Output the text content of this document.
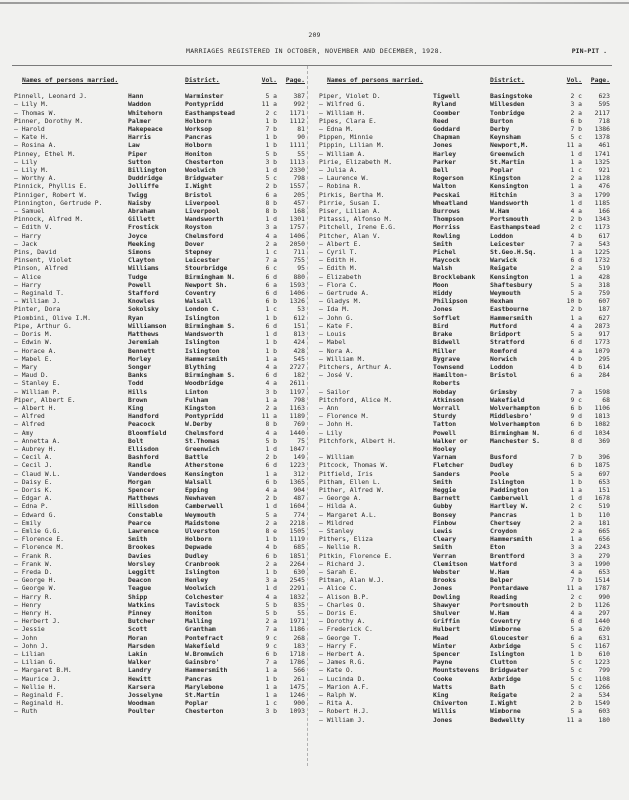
209
MARRIAGES REGISTERED IN OCTOBER, NOVEMBER AND DECEMBER, 1928.	PIN-PIT .
Names of persons married.	District.	Vol.	Page.
Pinnell, Leonard J.	Hann	Warminster	5 a	387
— Lily M.	Waddon	Pontypridd	11 a	992
— Thomas W.	Whitehorn	Easthampstead	2 c	1171
Pinner, Dorothy M.	Palmer	Holborn	1 b	1112
— Harold	Makepeace	Worksop	7 b	81
— Kate H.	Harris	Pancras	1 b	90
— Rosina A.	Law	Holborn	1 b	1111
Pinney, Ethel M.	Piper	Honiton	5 b	55
— Lily	Sutton	Chesterton	3 b	1113
— Lily M.	Billington	Woolwich	1 d	2330
— Worthy A.	Duddridge	Bridgwater	5 c	798
Pinnick, Phyllis E.	Jolliffe	I.Wight	2 b	1557
Pinniger, Robert W.	Twigg	Bristol	6 a	205
Pinnington, Gertrude P.	Naisby	Liverpool	8 b	457
— Samuel	Abraham	Liverpool	8 b	168
Pinnock, Alfred M.	Gillett	Wandsworth	1 d	1301
— Edith V.	Frostick	Royston	3 a	1757
— Harry	Joyce	Chelmsford	4 a	1406
— Jack	Meeking	Dover	2 a	2050
Pins, David	Simons	Stepney	1 c	711
Pinsent, Violet	Clayton	Leicester	7 a	755
Pinson, Alfred	Williams	Stourbridge	6 c	95
— Alice	Tudge	Birmingham N.	6 d	880
— Harry	Powell	Newport Sh.	6 a	1593
— Reginald T.	Stafford	Coventry	6 d	1406
— William J.	Knowles	Walsall	6 b	1326
Pinter, Dora	Sokolsky	London C.	1 c	53
Piombini, Olive I.M.	Ryan	Islington	1 b	612
Pipe, Arthur G.	Williamson	Birmingham S.	6 d	151
— Doris M.	Matthews	Wandsworth	1 d	813
— Edwin W.	Jeremiah	Islington	1 b	424
— Horace A.	Bennett	Islington	1 b	428
— Mabel E.	Morley	Hammersmith	1 a	545
— Mary	Songer	Blything	4 a	2727
— Maud D.	Banks	Birmingham S.	6 d	182
— Stanley E.	Todd	Woodbridge	4 a	2611
— William P.	Hills	Linton	3 b	1197
Piper, Albert E.	Brown	Fulham	1 a	798
— Albert H.	King	Kingston	2 a	1163
— Alfred	Handford	Pontypridd	11 a	1189
— Alfred	Peacock	W.Derby	8 b	769
— Amy	Bloomfield	Chelmsford	4 a	1440
— Annetta A.	Bolt	St.Thomas	5 b	75
— Aubrey H.	Ellisdon	Greenwich	1 d	1047
— Cecil A.	Bashford	Battle	2 b	149
— Cecil J.	Randle	Atherstone	6 d	1223
— Claud W.L.	Vanderdoes	Kensington	1 a	312
— Daisy E.	Morgan	Walsall	6 b	1365
— Doris K.	Spencer	Epping	4 a	904
— Edgar A.	Matthews	Newhaven	2 b	487
— Edna P.	Hillsdon	Camberwell	1 d	1604
— Edward G.	Constable	Weymouth	5 a	774
— Emily	Pearce	Maidstone	2 a	2218
— Emlie G.G.	Lawrence	Ulverston	8 e	1505
— Florence E.	Smith	Holborn	1 b	1119
— Florence M.	Brookes	Depwade	4 b	685
— Frank R.	Davies	Dudley	6 b	1851
— Frank W.	Worsley	Cranbrook	2 a	2264
— Freda D.	Leggitt	Islington	1 b	630
— George H.	Deacon	Henley	3 a	2545
— George W.	Teague	Woolwich	1 d	2291
— Harry R.	Shipp	Colchester	4 a	1832
— Henry	Watkins	Tavistock	5 b	835
— Henry H.	Pinney	Honiton	5 b	55
— Herbert J.	Butcher	Malling	2 a	1971
— Jessie	Scott	Grantham	7 a	1186
— John	Moran	Pontefract	9 c	268
— John J.	Marsden	Wakefield	9 c	183
— Lilian	Lakin	W.Bromwich	6 b	1718
— Lilian G.	Walker	Gainsbro'	7 a	1786
— Margaret B.M.	Landry	Hammersmith	1 a	566
— Maurice J.	Hewitt	Pancras	1 b	261
— Nellie H.	Karsera	Marylebone	1 a	1475
— Reginald F.	Josselyne	St.Martin	1 a	1246
— Reginald H.	Woodman	Poplar	1 c	900
— Ruth	Poulter	Chesterton	3 b	1093
Names of persons married.	District.	Vol.	Page.
Piper, Violet D.	Tigwell	Basingstoke	2 c	623
— Wilfred G.	Ryland	Willesden	3 a	595
— William H.	Coomber	Tonbridge	2 a	2117
Pipes, Clara E.	Reed	Burton	6 b	718
— Edna M.	Goddard	Derby	7 b	1386
Pippen, Minnie	Chapman	Keynsham	5 c	1378
Pippin, Lilian M.	Jones	Newport,M.	11 a	461
— William A.	Harley	Greenwich	1 d	1741
Pirie, Elizabeth M.	Parker	St.Martin	1 a	1325
— Julia A.	Bell	Poplar	1 c	921
— Laurence W.	Rogerson	Kingston	2 a	1128
— Robina R.	Walton	Kensington	1 a	476
Pirkis, Bertha M.	Pecskai	Hitchin	3 a	1799
Pirrie, Susan I.	Wheatland	Wandsworth	1 d	1185
Piser, Lilian A.	Burrows	W.Ham	4 a	166
Pitassi, Alfonso M.	Thompson	Portsmouth	2 b	1343
Pitchell, Irene E.G.	Morriss	Easthampstead	2 c	1173
Pitcher, Alan V.	Rowling	Loddon	4 b	617
— Albert E.	Smith	Leicester	7 a	543
— Cyril T.	Pichel	St.Geo.H.Sq.	1 a	1225
— Edith H.	Maycock	Warwick	6 d	1732
— Edith M.	Walsh	Reigate	2 a	519
— Elizabeth	Brocklebank	Kensington	1 a	428
— Flora C.	Moon	Shaftesbury	5 a	318
— Gertrude A.	Hiddy	Weymouth	5 a	759
— Gladys M.	Philipson	Hexham	10 b	607
— Ida M.	Jones	Eastbourne	2 b	187
— John G.	Sofflet	Hammersmith	1 a	627
— Kate F.	Bird	Mutford	4 a	2873
— Louis	Brake	Bridport	5 a	917
— Mabel	Bidwell	Stratford	6 d	1773
— Nora A.	Miller	Romford	4 a	1079
— William M.	Bygrave	Norwich	4 b	295
Pitchers, Arthur A.	Townsend	Loddon	4 b	614
— José V.	Hamilton-	Bristol	6 a	284
Roberts
— Sailor	Hobday	Grimsby	7 a	1598
Pitchford, Alice M.	Atkinson	Wakefield	9 c	68
— Ann	Worrall	Wolverhampton	6 b	1106
— Florence M.	Sturdy	Middlesbro'	9 d	1813
— John H.	Tatton	Wolverhampton	6 b	1082
— Lily	Powell	Birmingham N.	6 d	1034
Pitchfork, Albert H.	Walker or	Manchester S.	8 d	369
Hooley
— William	Varnam	Busford	7 b	396
Pitcock, Thomas W.	Fletcher	Dudley	6 b	1875
Pitfield, Iris	Sanders	Poole	5 a	697
Pitham, Ellen L.	Smith	Islington	1 b	653
Pither, Alfred W.	Heggie	Paddington	1 a	151
— George A.	Barnett	Camberwell	1 d	1678
— Hilda A.	Gubby	Hartley W.	2 c	519
— Margaret A.L.	Bonsey	Pancras	1 b	110
— Mildred	Finbow	Chertsey	2 a	181
— Stanley	Lewis	Croydon	2 a	665
Pithers, Eliza	Cleary	Hammersmith	1 a	656
— Nellie R.	Smith	Eton	3 a	2243
Pitkin, Florence E.	Verran	Brentford	3 a	279
— Richard J.	Clemitson	Watford	3 a	1990
— Sarah E.	Webster	W.Ham	4 a	653
Pitman, Alan W.J.	Brooks	Belper	7 b	1514
— Alice C.	Jones	Pontardawe	11 a	1787
— Alison B.P.	Dowling	Reading	2 c	990
— Charles O.	Shawyer	Portsmouth	2 b	1126
— Doris E.	Shulver	W.Ham	4 a	297
— Dorothy A.	Griffin	Coventry	6 d	1440
— Frederick C.	Hulbert	Wimborne	5 a	620
— George T.	Mead	Gloucester	6 a	631
— Harry F.	Winter	Axbridge	5 c	1167
— Herbert A.	Spencer	Islington	1 b	610
— James R.G.	Payne	Clutton	5 c	1223
— Kate O.	Mountstevens	Bridgwater	5 c	799
— Lucinda D.	Cooke	Axbridge	5 c	1108
— Marion A.F.	Watts	Bath	5 c	1266
— Ralph W.	King	Reigate	2 a	534
— Rita A.	Chiverton	I.Wight	2 b	1549
— Robert H.J.	Willis	Wimborne	5 a	603
— William J.	Jones	Bedwellty	11 a	180
